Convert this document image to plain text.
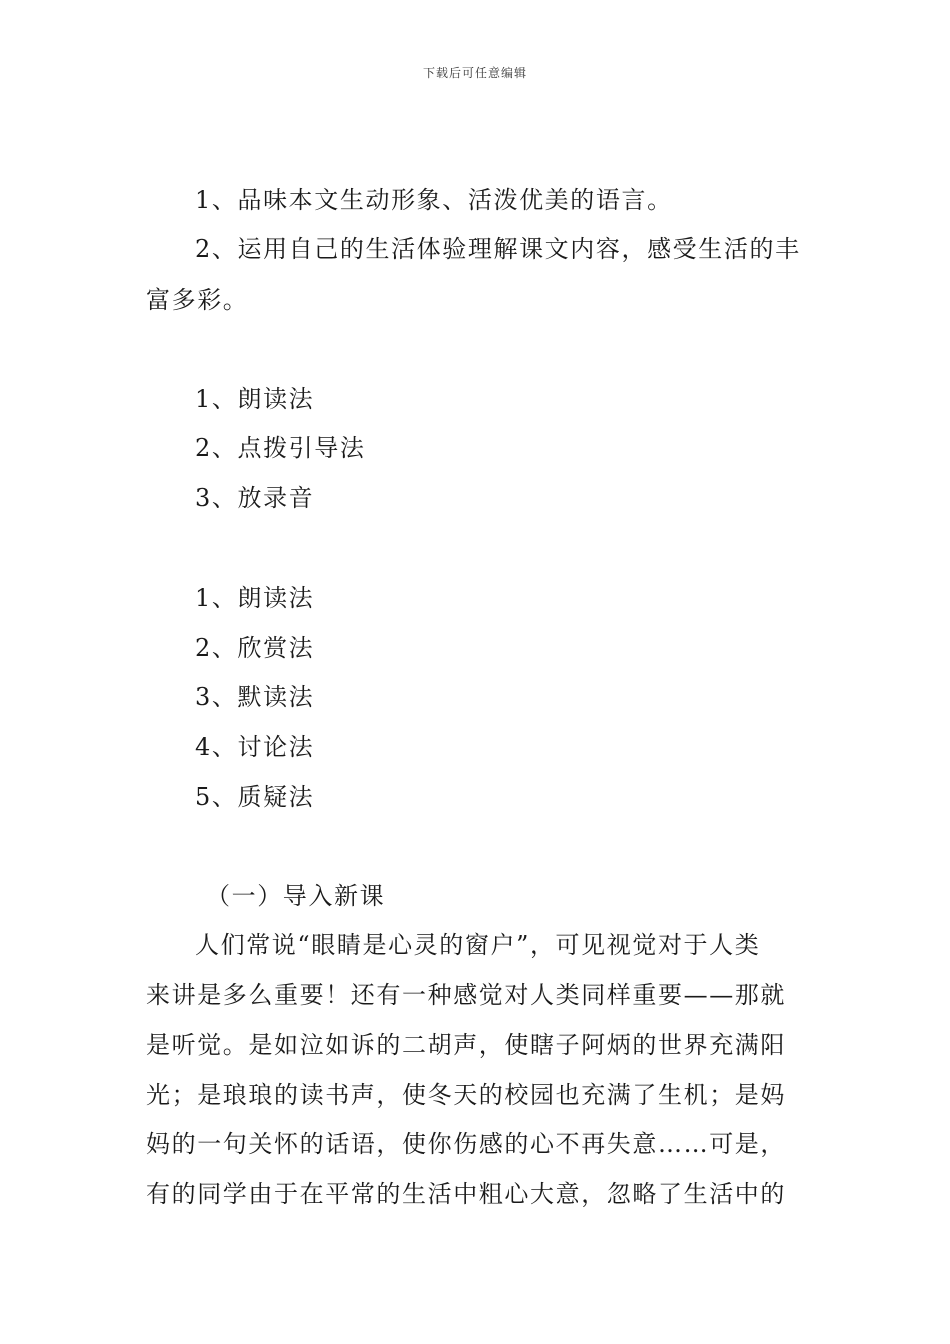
下载后可任意编辑
1、品味本文生动形象、活泼优美的语言。
2、运用自己的生活体验理解课文内容，感受生活的丰
富多彩。
1、朗读法
2、点拨引导法
3、放录音
1、朗读法
2、欣赏法
3、默读法
4、讨论法
5、质疑法
（一）导入新课
人们常说“眼睛是心灵的窗户”，可见视觉对于人类
来讲是多么重要！还有一种感觉对人类同样重要——那就
是听觉。是如泣如诉的二胡声，使瞎子阿炳的世界充满阳
光；是琅琅的读书声，使冬天的校园也充满了生机；是妈
妈的一句关怀的话语，使你伤感的心不再失意……可是，
有的同学由于在平常的生活中粗心大意，忽略了生活中的
